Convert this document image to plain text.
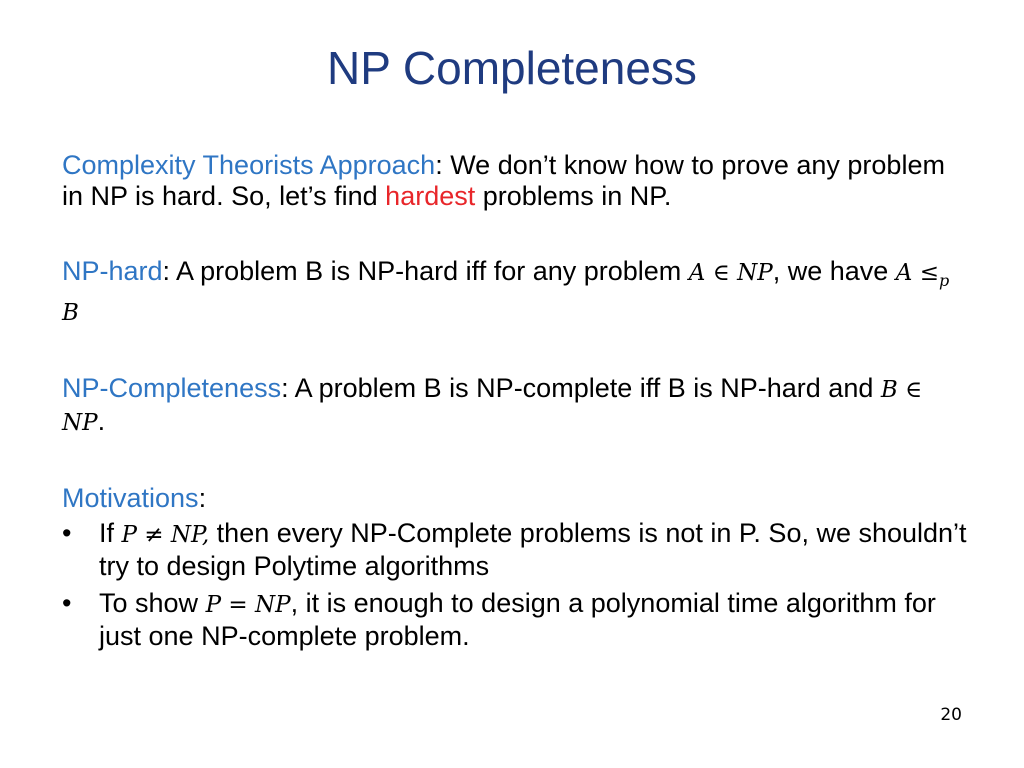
NP Completeness

Complexity Theorists Approach: We don’t know how to prove any problem in NP is hard. So, let’s find hardest problems in NP.

NP-hard: A problem B is NP-hard iff for any problem A ∈ NP, we have $A \le_p$ B

NP-Completeness: A problem B is NP-complete iff B is NP-hard and B ∈ NP.

Motivations:
• If P ≠ NP, then every NP-Complete problems is not in P. So, we shouldn’t try to design Polytime algorithms
• To show P = NP, it is enough to design a polynomial time algorithm for just one NP-complete problem.
20
